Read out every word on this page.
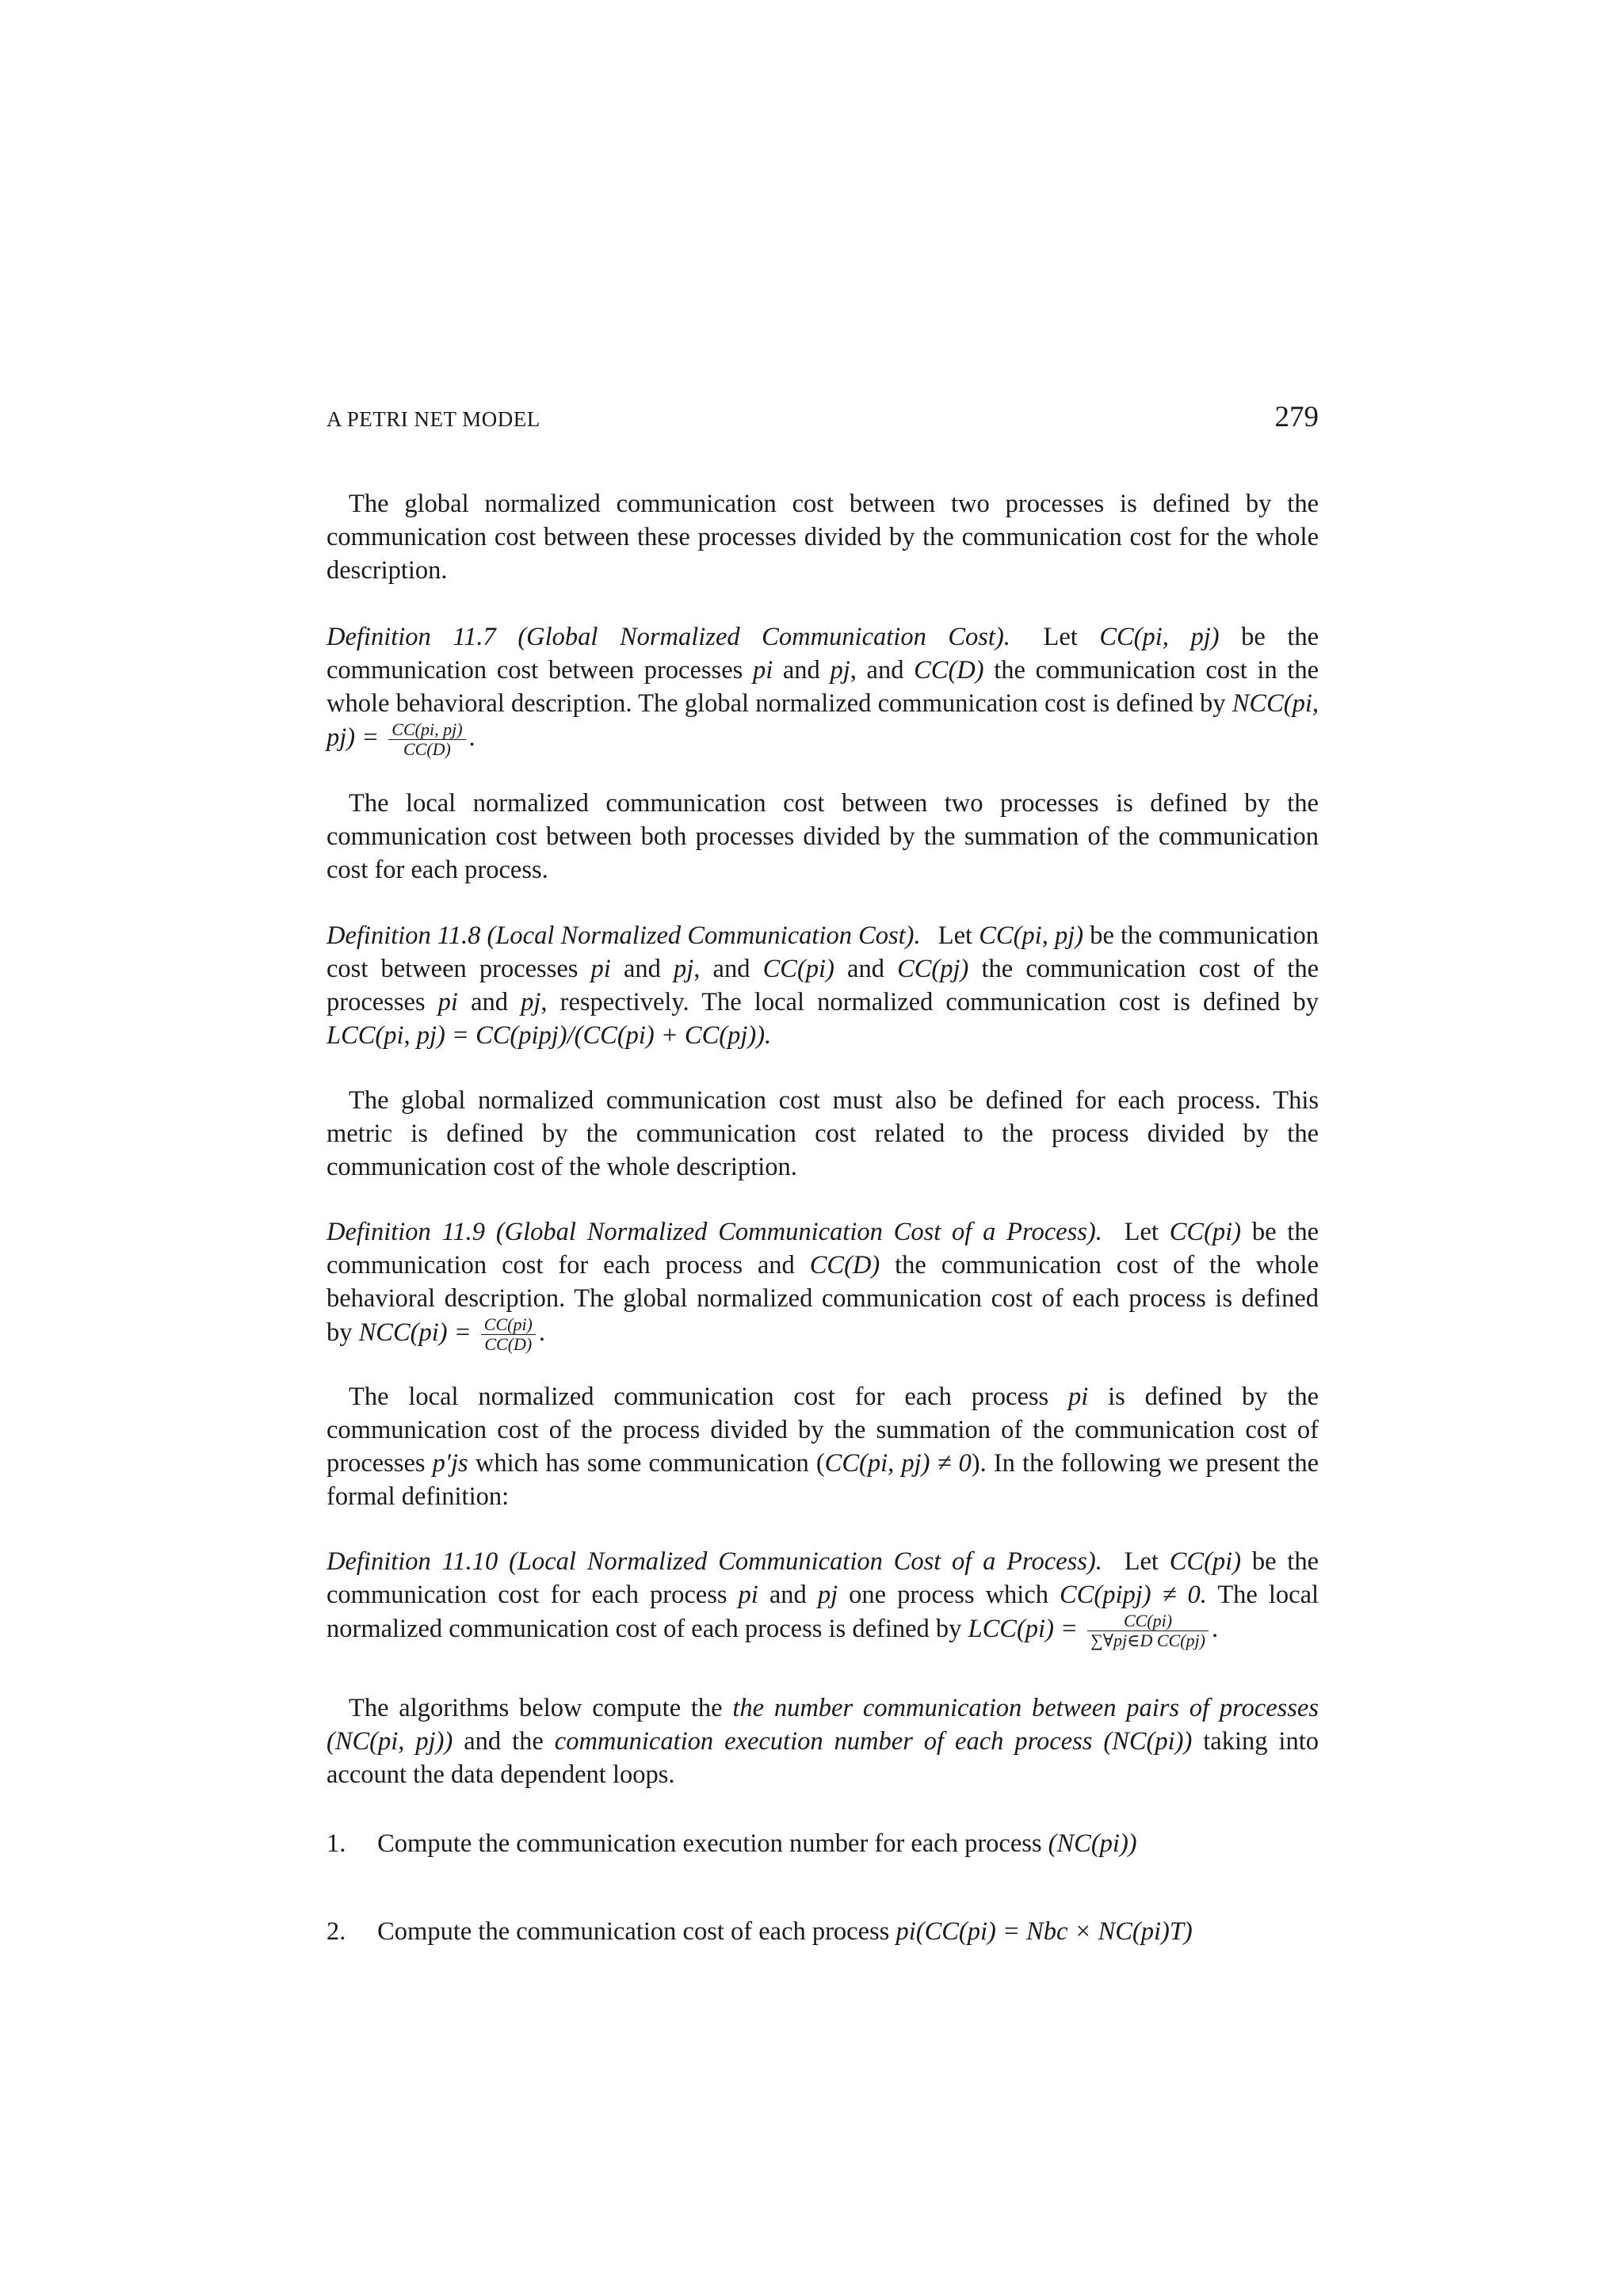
A PETRI NET MODEL	279

The global normalized communication cost between two processes is defined by the communication cost between these processes divided by the communication cost for the whole description.

Definition 11.7 (Global Normalized Communication Cost). Let CC(pi, pj) be the communication cost between processes pi and pj, and CC(D) the communication cost in the whole behavioral description. The global normalized communication cost is defined by NCC(pi, $pj) = \frac{CC(pi, pj)}{CC(D)}$ .

The local normalized communication cost between two processes is defined by the communication cost between both processes divided by the summation of the communication cost for each process.

Definition 11.8 (Local Normalized Communication Cost). Let CC(pi, pj) be the communication cost between processes pi and pj, and CC(pi) and CC(pj) the communication cost of the processes pi and pj, respectively. The local normalized communication cost is defined by LCC(pi, pj) = CC(pipj)/(CC(pi) + CC(pj)).

The global normalized communication cost must also be defined for each process. This metric is defined by the communication cost related to the process divided by the communication cost of the whole description.

Definition 11.9 (Global Normalized Communication Cost of a Process). Let CC(pi) be the communication cost for each process and CC(D) the communication cost of the whole behavioral description. The global normalized communication cost of each process is defined by $NCC(pi) = \frac{CC(pi)}{CC(D)}$ .

The local normalized communication cost for each process pi is defined by the communication cost of the process divided by the summation of the communication cost of processes p′js which has some communication (CC(pi, pj) ≠ 0). In the following we present the formal definition:

Definition 11.10 (Local Normalized Communication Cost of a Process). Let CC(pi) be the communication cost for each process pi and pj one process which CC(pipj) ≠ 0. The local normalized communication cost of each process is defined by $LCC(pi) = \frac{CC(pi)}{\text{∑∀pj∈D CC(pj)}}$ .

The algorithms below compute the the number communication between pairs of processes (NC(pi, pj)) and the communication execution number of each process (NC(pi)) taking into account the data dependent loops.

1. Compute the communication execution number for each process (NC(pi))
2. Compute the communication cost of each process pi(CC(pi) = Nbc × NC(pi)T)
